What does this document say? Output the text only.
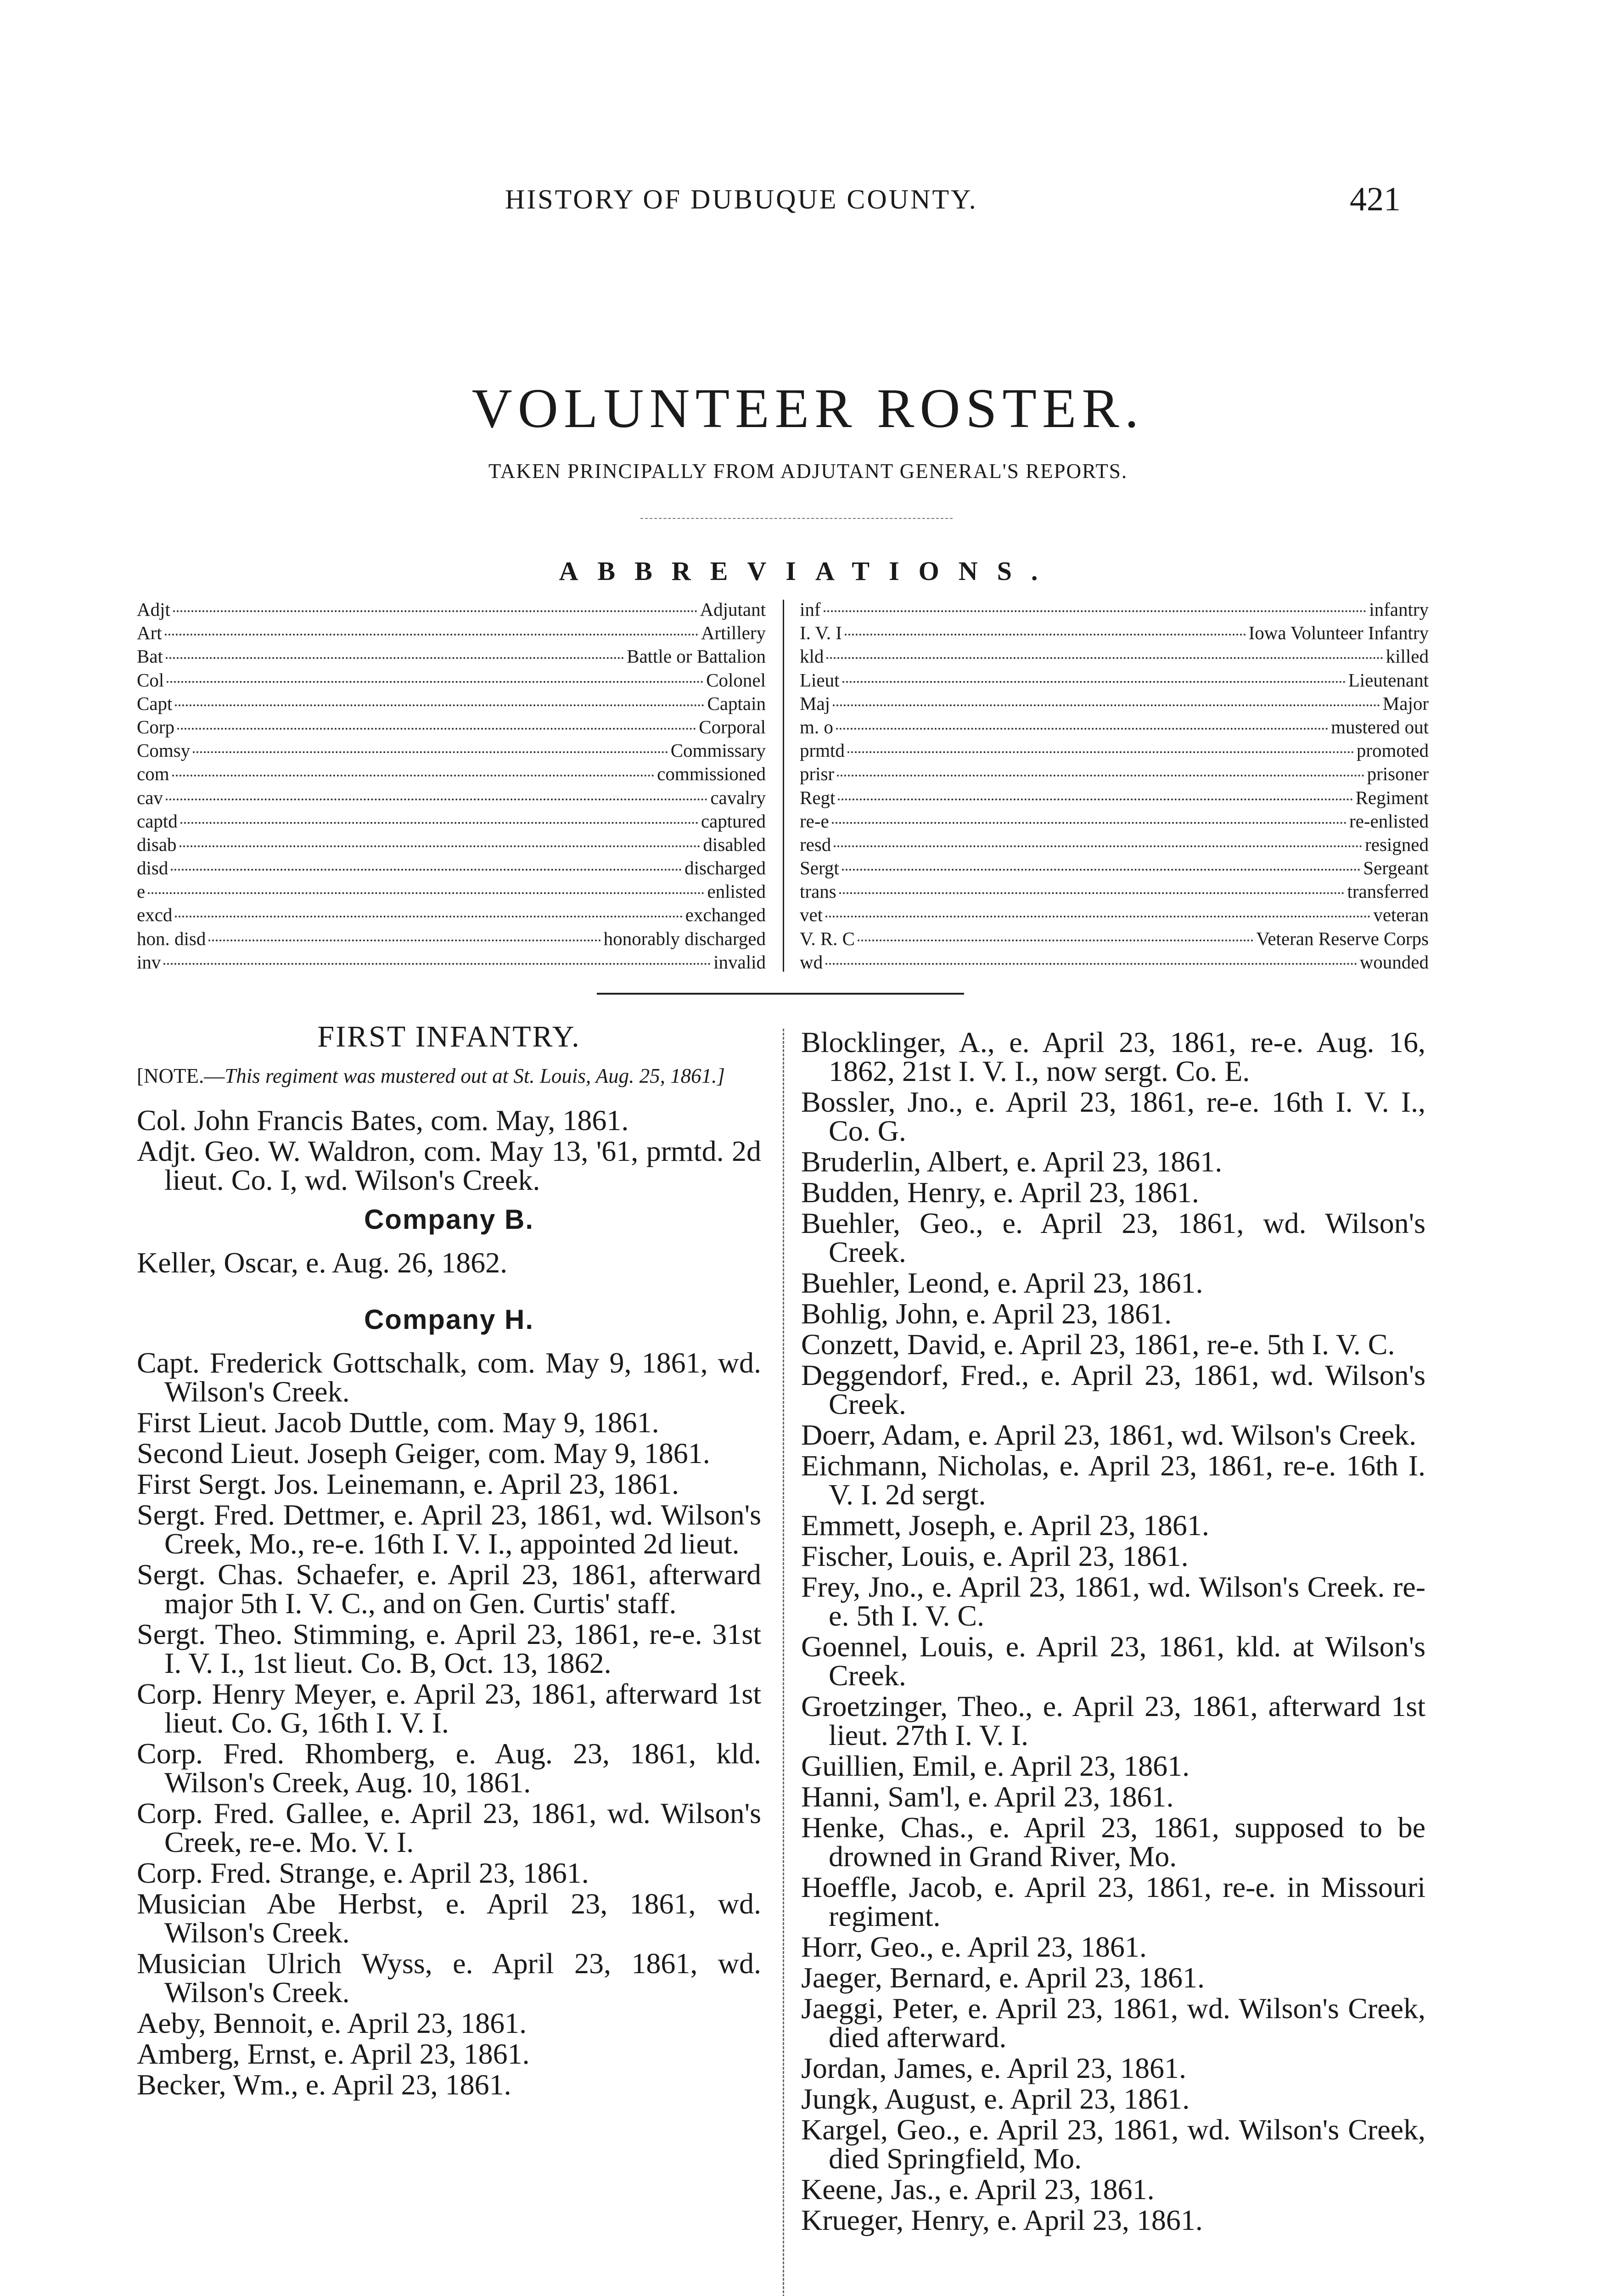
HISTORY OF DUBUQUE COUNTY.	421
VOLUNTEER ROSTER.
TAKEN PRINCIPALLY FROM ADJUTANT GENERAL'S REPORTS.
ABBREVIATIONS.
Adjt	Adjutant
Art	Artillery
Bat	Battle or Battalion
Col	Colonel
Capt	Captain
Corp	Corporal
Comsy	Commissary
com	commissioned
cav	cavalry
captd	captured
disab	disabled
disd	discharged
e	enlisted
excd	exchanged
hon. disd	honorably discharged
inv	invalid
inf	infantry
I. V. I	Iowa Volunteer Infantry
kld	killed
Lieut	Lieutenant
Maj	Major
m. o	mustered out
prmtd	promoted
prisr	prisoner
Regt	Regiment
re-e	re-enlisted
resd	resigned
Sergt	Sergeant
trans	transferred
vet	veteran
V. R. C	Veteran Reserve Corps
wd	wounded
FIRST INFANTRY.
[NOTE.—This regiment was mustered out at St. Louis, Aug. 25, 1861.]
Col. John Francis Bates, com. May, 1861.
Adjt. Geo. W. Waldron, com. May 13, '61, prmtd. 2d lieut. Co. I, wd. Wilson's Creek.
Company B.
Keller, Oscar, e. Aug. 26, 1862.
Company H.
Capt. Frederick Gottschalk, com. May 9, 1861, wd. Wilson's Creek.
First Lieut. Jacob Duttle, com. May 9, 1861.
Second Lieut. Joseph Geiger, com. May 9, 1861.
First Sergt. Jos. Leinemann, e. April 23, 1861.
Sergt. Fred. Dettmer, e. April 23, 1861, wd. Wilson's Creek, Mo., re-e. 16th I. V. I., appointed 2d lieut.
Sergt. Chas. Schaefer, e. April 23, 1861, afterward major 5th I. V. C., and on Gen. Curtis' staff.
Sergt. Theo. Stimming, e. April 23, 1861, re-e. 31st I. V. I., 1st lieut. Co. B, Oct. 13, 1862.
Corp. Henry Meyer, e. April 23, 1861, afterward 1st lieut. Co. G, 16th I. V. I.
Corp. Fred. Rhomberg, e. Aug. 23, 1861, kld. Wilson's Creek, Aug. 10, 1861.
Corp. Fred. Gallee, e. April 23, 1861, wd. Wilson's Creek, re-e. Mo. V. I.
Corp. Fred. Strange, e. April 23, 1861.
Musician Abe Herbst, e. April 23, 1861, wd. Wilson's Creek.
Musician Ulrich Wyss, e. April 23, 1861, wd. Wilson's Creek.
Aeby, Bennoit, e. April 23, 1861.
Amberg, Ernst, e. April 23, 1861.
Becker, Wm., e. April 23, 1861.
Blocklinger, A., e. April 23, 1861, re-e. Aug. 16, 1862, 21st I. V. I., now sergt. Co. E.
Bossler, Jno., e. April 23, 1861, re-e. 16th I. V. I., Co. G.
Bruderlin, Albert, e. April 23, 1861.
Budden, Henry, e. April 23, 1861.
Buehler, Geo., e. April 23, 1861, wd. Wilson's Creek.
Buehler, Leond, e. April 23, 1861.
Bohlig, John, e. April 23, 1861.
Conzett, David, e. April 23, 1861, re-e. 5th I. V. C.
Deggendorf, Fred., e. April 23, 1861, wd. Wilson's Creek.
Doerr, Adam, e. April 23, 1861, wd. Wilson's Creek.
Eichmann, Nicholas, e. April 23, 1861, re-e. 16th I. V. I. 2d sergt.
Emmett, Joseph, e. April 23, 1861.
Fischer, Louis, e. April 23, 1861.
Frey, Jno., e. April 23, 1861, wd. Wilson's Creek. re-e. 5th I. V. C.
Goennel, Louis, e. April 23, 1861, kld. at Wilson's Creek.
Groetzinger, Theo., e. April 23, 1861, afterward 1st lieut. 27th I. V. I.
Guillien, Emil, e. April 23, 1861.
Hanni, Sam'l, e. April 23, 1861.
Henke, Chas., e. April 23, 1861, supposed to be drowned in Grand River, Mo.
Hoeffle, Jacob, e. April 23, 1861, re-e. in Missouri regiment.
Horr, Geo., e. April 23, 1861.
Jaeger, Bernard, e. April 23, 1861.
Jaeggi, Peter, e. April 23, 1861, wd. Wilson's Creek, died afterward.
Jordan, James, e. April 23, 1861.
Jungk, August, e. April 23, 1861.
Kargel, Geo., e. April 23, 1861, wd. Wilson's Creek, died Springfield, Mo.
Keene, Jas., e. April 23, 1861.
Krueger, Henry, e. April 23, 1861.
